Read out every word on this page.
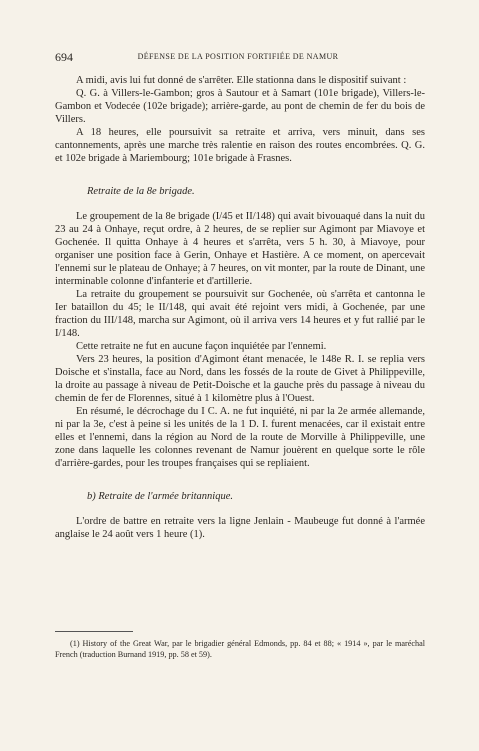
694	DÉFENSE DE LA POSITION FORTIFIÉE DE NAMUR

A midi, avis lui fut donné de s'arrêter. Elle stationna dans le dispositif suivant :

Q. G. à Villers-le-Gambon; gros à Sautour et à Samart (101e brigade), Villers-le-Gambon et Vodecée (102e brigade); arrière-garde, au pont de chemin de fer du bois de Villers.

A 18 heures, elle poursuivit sa retraite et arriva, vers minuit, dans ses cantonnements, après une marche très ralentie en raison des routes encombrées. Q. G. et 102e brigade à Mariembourg; 101e brigade à Frasnes.

Retraite de la 8e brigade.

Le groupement de la 8e brigade (I/45 et II/148) qui avait bivouaqué dans la nuit du 23 au 24 à Onhaye, reçut ordre, à 2 heures, de se replier sur Agimont par Miavoye et Gochenée. Il quitta Onhaye à 4 heures et s'arrêta, vers 5 h. 30, à Miavoye, pour organiser une position face à Gerin, Onhaye et Hastière. A ce moment, on apercevait l'ennemi sur le plateau de Onhaye; à 7 heures, on vit monter, par la route de Dinant, une interminable colonne d'infanterie et d'artillerie.

La retraite du groupement se poursuivit sur Gochenée, où s'arrêta et cantonna le Ier bataillon du 45; le II/148, qui avait été rejoint vers midi, à Gochenée, par une fraction du III/148, marcha sur Agimont, où il arriva vers 14 heures et y fut rallié par le I/148.

Cette retraite ne fut en aucune façon inquiétée par l'ennemi.

Vers 23 heures, la position d'Agimont étant menacée, le 148e R. I. se replia vers Doische et s'installa, face au Nord, dans les fossés de la route de Givet à Philippeville, la droite au passage à niveau de Petit-Doische et la gauche près du passage à niveau du chemin de fer de Florennes, situé à 1 kilomètre plus à l'Ouest.

En résumé, le décrochage du I C. A. ne fut inquiété, ni par la 2e armée allemande, ni par la 3e, c'est à peine si les unités de la 1 D. I. furent menacées, car il existait entre elles et l'ennemi, dans la région au Nord de la route de Morville à Philippeville, une zone dans laquelle les colonnes revenant de Namur jouèrent en quelque sorte le rôle d'arrière-gardes, pour les troupes françaises qui se repliaient.

b) Retraite de l'armée britannique.

L'ordre de battre en retraite vers la ligne Jenlain - Maubeuge fut donné à l'armée anglaise le 24 août vers 1 heure (1).

(1) History of the Great War, par le brigadier général Edmonds, pp. 84 et 88; « 1914 », par le maréchal French (traduction Burnand 1919, pp. 58 et 59).
